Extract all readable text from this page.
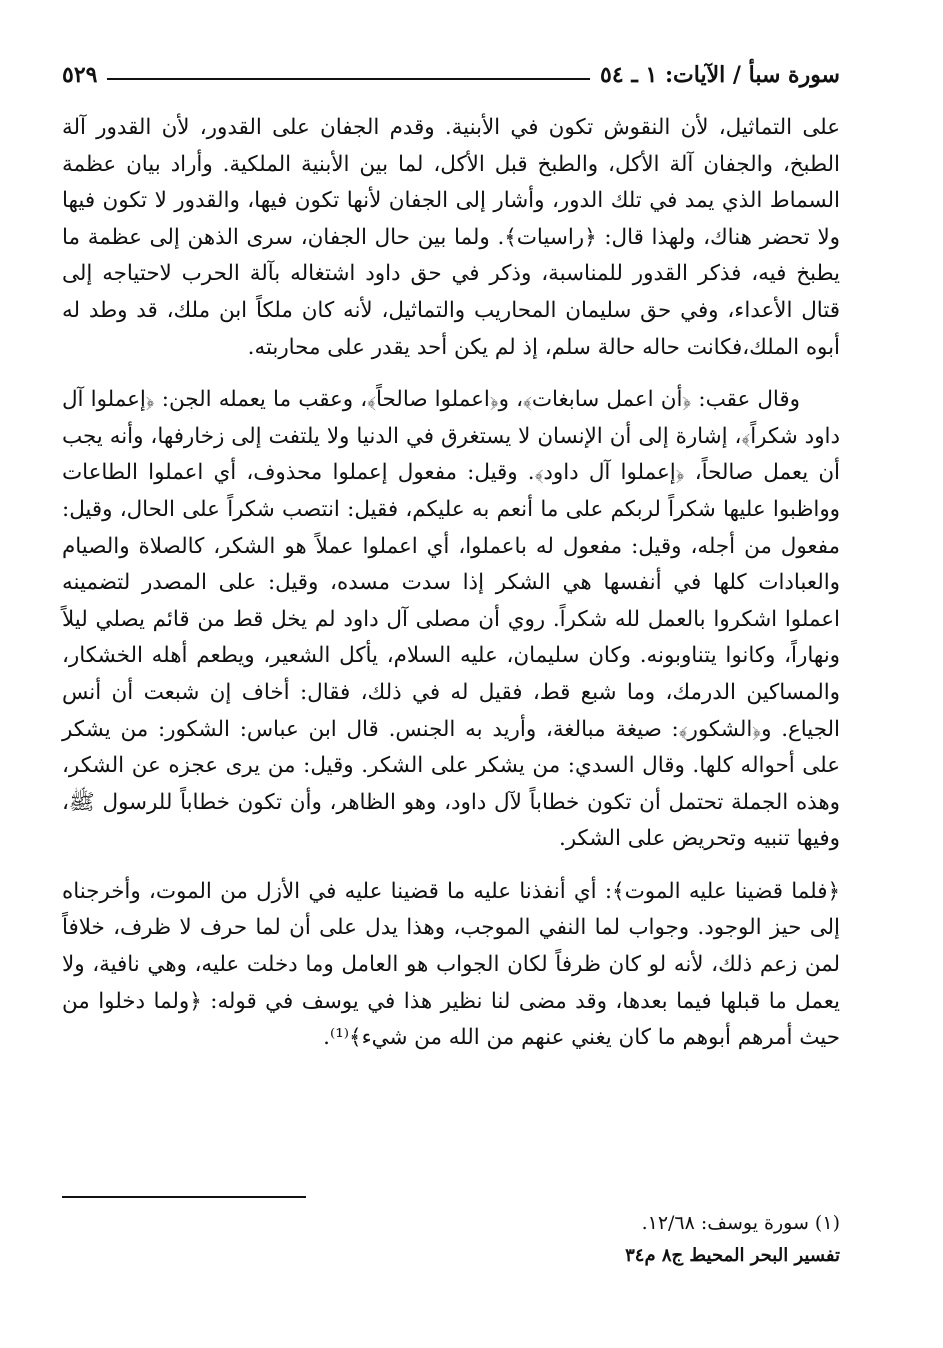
سورة سبأ / الآيات: ١ ـ ٥٤
٥٢٩

على التماثيل، لأن النقوش تكون في الأبنية. وقدم الجفان على القدور، لأن القدور آلة الطبخ، والجفان آلة الأكل، والطبخ قبل الأكل، لما بين الأبنية الملكية. وأراد بيان عظمة السماط الذي يمد في تلك الدور، وأشار إلى الجفان لأنها تكون فيها، والقدور لا تكون فيها ولا تحضر هناك، ولهذا قال: ﴿راسيات﴾. ولما بين حال الجفان، سرى الذهن إلى عظمة ما يطبخ فيه، فذكر القدور للمناسبة، وذكر في حق داود اشتغاله بآلة الحرب لاحتياجه إلى قتال الأعداء، وفي حق سليمان المحاريب والتماثيل، لأنه كان ملكاً ابن ملك، قد وطد له أبوه الملك،فكانت حاله حالة سلم، إذ لم يكن أحد يقدر على محاربته.

وقال عقب: ﴿أن اعمل سابغات﴾، و﴿اعملوا صالحاً﴾، وعقب ما يعمله الجن: ﴿إعملوا آل داود شكراً﴾، إشارة إلى أن الإنسان لا يستغرق في الدنيا ولا يلتفت إلى زخارفها، وأنه يجب أن يعمل صالحاً، ﴿إعملوا آل داود﴾. وقيل: مفعول إعملوا محذوف، أي اعملوا الطاعات وواظبوا عليها شكراً لربكم على ما أنعم به عليكم، فقيل: انتصب شكراً على الحال، وقيل: مفعول من أجله، وقيل: مفعول له باعملوا، أي اعملوا عملاً هو الشكر، كالصلاة والصيام والعبادات كلها في أنفسها هي الشكر إذا سدت مسده، وقيل: على المصدر لتضمينه اعملوا اشكروا بالعمل لله شكراً. روي أن مصلى آل داود لم يخل قط من قائم يصلي ليلاً ونهاراً، وكانوا يتناوبونه. وكان سليمان، عليه السلام، يأكل الشعير، ويطعم أهله الخشكار، والمساكين الدرمك، وما شبع قط، فقيل له في ذلك، فقال: أخاف إن شبعت أن أنس الجياع. و﴿الشكور﴾: صيغة مبالغة، وأريد به الجنس. قال ابن عباس: الشكور: من يشكر على أحواله كلها. وقال السدي: من يشكر على الشكر. وقيل: من يرى عجزه عن الشكر، وهذه الجملة تحتمل أن تكون خطاباً لآل داود، وهو الظاهر، وأن تكون خطاباً للرسول ﷺ، وفيها تنبيه وتحريض على الشكر.

﴿فلما قضينا عليه الموت﴾: أي أنفذنا عليه ما قضينا عليه في الأزل من الموت، وأخرجناه إلى حيز الوجود. وجواب لما النفي الموجب، وهذا يدل على أن لما حرف لا ظرف، خلافاً لمن زعم ذلك، لأنه لو كان ظرفاً لكان الجواب هو العامل وما دخلت عليه، وهي نافية، ولا يعمل ما قبلها فيما بعدها، وقد مضى لنا نظير هذا في يوسف في قوله: ﴿ولما دخلوا من حيث أمرهم أبوهم ما كان يغني عنهم من الله من شيء﴾⁽¹⁾.

(١) سورة يوسف: ١٢/٦٨.
تفسير البحر المحيط ج٨ م٣٤
